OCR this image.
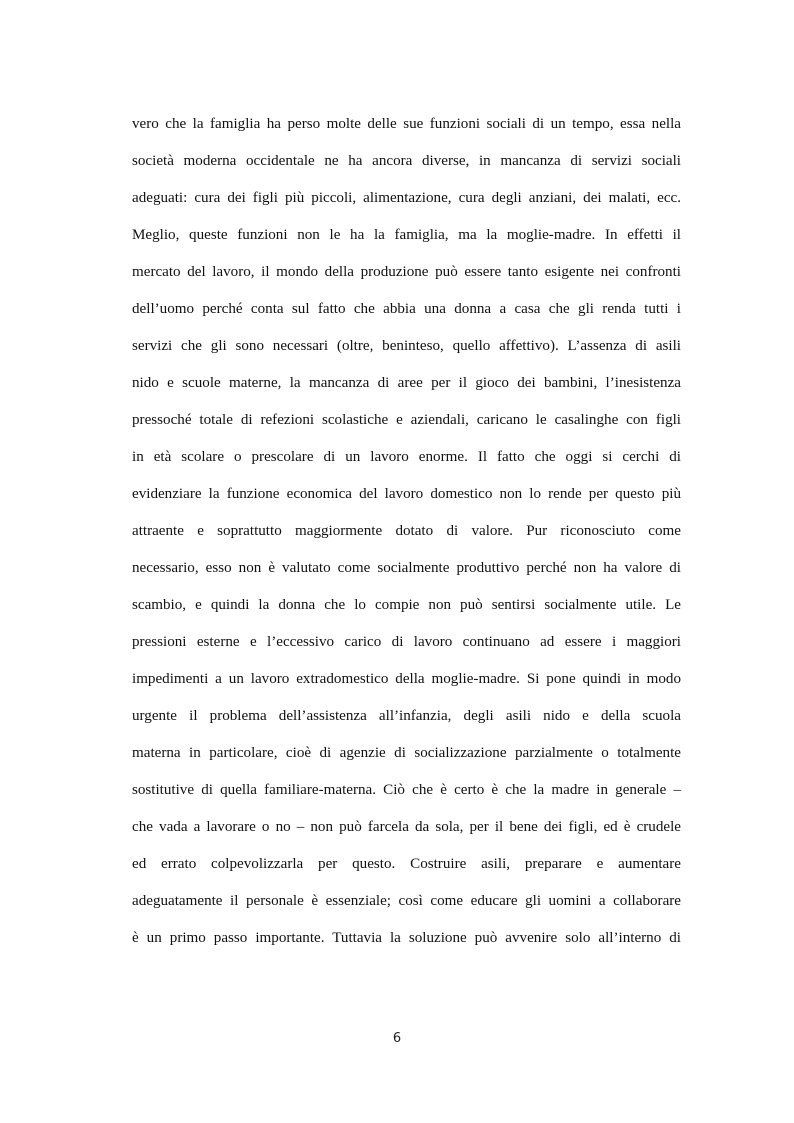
vero che la famiglia ha perso molte delle sue funzioni sociali di un tempo, essa nella
società moderna occidentale ne ha ancora diverse, in mancanza di servizi sociali
adeguati: cura dei figli più piccoli, alimentazione, cura degli anziani, dei malati, ecc.
Meglio, queste funzioni non le ha la famiglia, ma la moglie-madre. In effetti il
mercato del lavoro, il mondo della produzione può essere tanto esigente nei confronti
dell’uomo perché conta sul fatto che abbia una donna a casa che gli renda tutti i
servizi che gli sono necessari (oltre, beninteso, quello affettivo). L’assenza di asili
nido e scuole materne, la mancanza di aree per il gioco dei bambini, l’inesistenza
pressoché totale di refezioni scolastiche e aziendali, caricano le casalinghe con figli
in età scolare o prescolare di un lavoro enorme. Il fatto che oggi si cerchi di
evidenziare la funzione economica del lavoro domestico non lo rende per questo più
attraente e soprattutto maggiormente dotato di valore. Pur riconosciuto come
necessario, esso non è valutato come socialmente produttivo perché non ha valore di
scambio, e quindi la donna che lo compie non può sentirsi socialmente utile. Le
pressioni esterne e l’eccessivo carico di lavoro continuano ad essere i maggiori
impedimenti a un lavoro extradomestico della moglie-madre. Si pone quindi in modo
urgente il problema dell’assistenza all’infanzia, degli asili nido e della scuola
materna in particolare, cioè di agenzie di socializzazione parzialmente o totalmente
sostitutive di quella familiare-materna. Ciò che è certo è che la madre in generale –
che vada a lavorare o no – non può farcela da sola, per il bene dei figli, ed è crudele
ed errato colpevolizzarla per questo. Costruire asili, preparare e aumentare
adeguatamente il personale è essenziale; così come educare gli uomini a collaborare
è un primo passo importante. Tuttavia la soluzione può avvenire solo all’interno di
6
